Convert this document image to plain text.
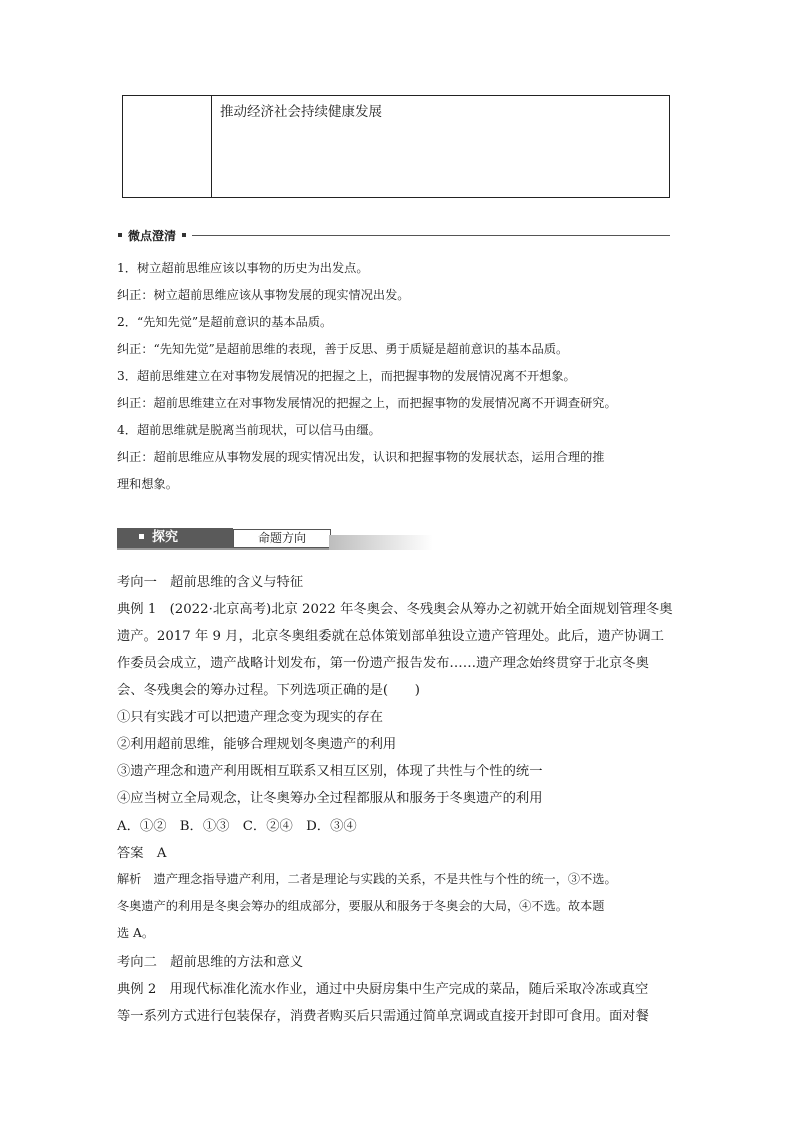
推动经济社会持续健康发展
微点澄清
1．树立超前思维应该以事物的历史为出发点。
纠正：树立超前思维应该从事物发展的现实情况出发。
2．“先知先觉”是超前意识的基本品质。
纠正：“先知先觉”是超前思维的表现，善于反思、勇于质疑是超前意识的基本品质。
3．超前思维建立在对事物发展情况的把握之上，而把握事物的发展情况离不开想象。
纠正：超前思维建立在对事物发展情况的把握之上，而把握事物的发展情况离不开调查研究。
4．超前思维就是脱离当前现状，可以信马由缰。
纠正：超前思维应从事物发展的现实情况出发，认识和把握事物的发展状态，运用合理的推
理和想象。
探究	命题方向
考向一　超前思维的含义与特征
典例 1　(2022·北京高考)北京 2022 年冬奥会、冬残奥会从筹办之初就开始全面规划管理冬奥
遗产。2017 年 9 月，北京冬奥组委就在总体策划部单独设立遗产管理处。此后，遗产协调工
作委员会成立，遗产战略计划发布，第一份遗产报告发布……遗产理念始终贯穿于北京冬奥
会、冬残奥会的筹办过程。下列选项正确的是(　　)
①只有实践才可以把遗产理念变为现实的存在
②利用超前思维，能够合理规划冬奥遗产的利用
③遗产理念和遗产利用既相互联系又相互区别，体现了共性与个性的统一
④应当树立全局观念，让冬奥筹办全过程都服从和服务于冬奥遗产的利用
A．①②　B．①③　C．②④　D．③④
答案　A
解析　遗产理念指导遗产利用，二者是理论与实践的关系，不是共性与个性的统一，③不选。
冬奥遗产的利用是冬奥会筹办的组成部分，要服从和服务于冬奥会的大局，④不选。故本题
选 A。
考向二　超前思维的方法和意义
典例 2　用现代标准化流水作业，通过中央厨房集中生产完成的菜品，随后采取冷冻或真空
等一系列方式进行包装保存，消费者购买后只需通过简单烹调或直接开封即可食用。面对餐
